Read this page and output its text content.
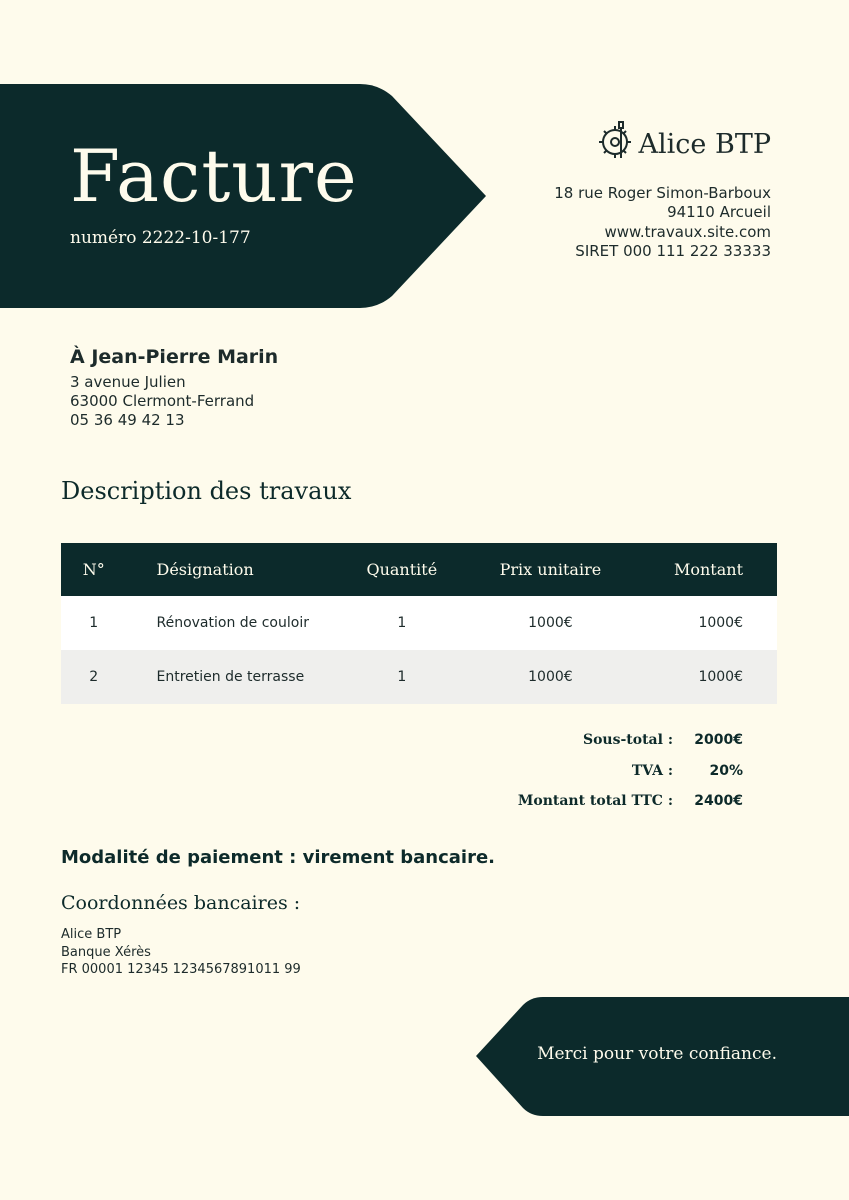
Facture
numéro 2222-10-177
Alice BTP
18 rue Roger Simon-Barboux
94110 Arcueil
www.travaux.site.com
SIRET 000 111 222 33333
À Jean-Pierre Marin
3 avenue Julien
63000 Clermont-Ferrand
05 36 49 42 13
Description des travaux
N°	Désignation	Quantité	Prix unitaire	Montant
1	Rénovation de couloir	1	1000€	1000€
2	Entretien de terrasse	1	1000€	1000€
Sous-total :	2000€
TVA :	20%
Montant total TTC :	2400€
Modalité de paiement : virement bancaire.
Coordonnées bancaires :
Alice BTP
Banque Xérès
FR 00001 12345 1234567891011 99
Merci pour votre confiance.
